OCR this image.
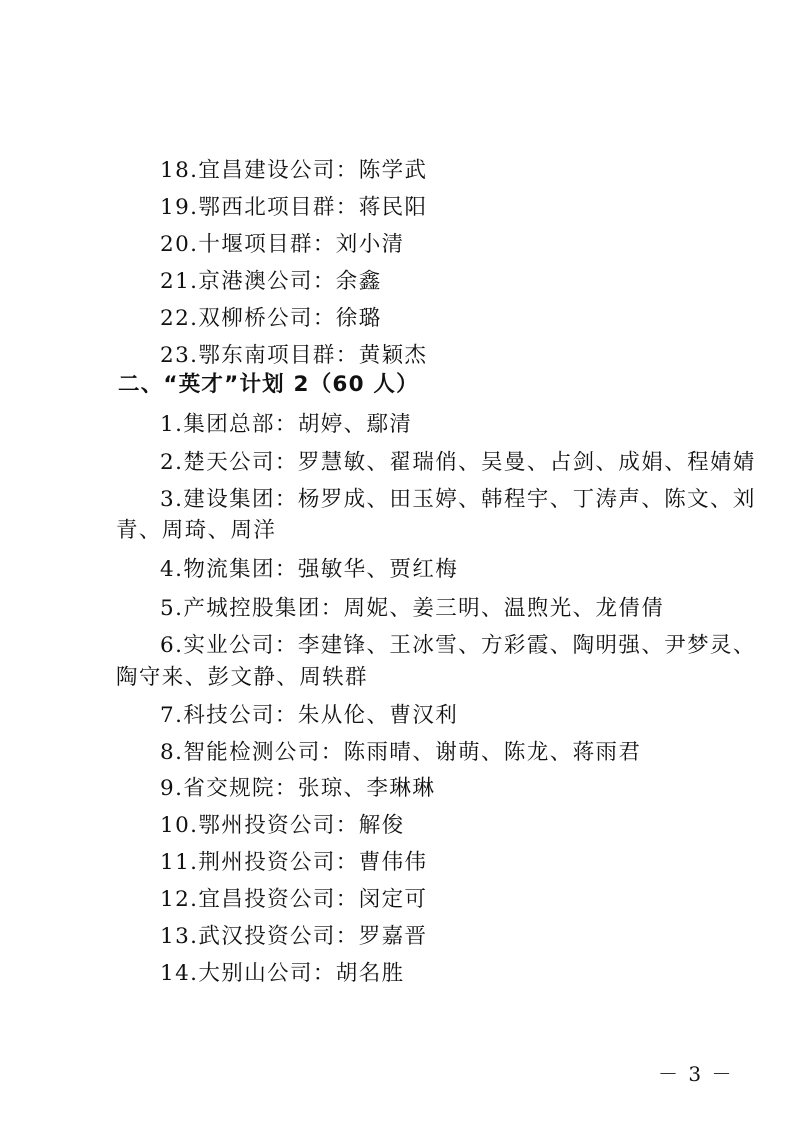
18.宜昌建设公司：陈学武
19.鄂西北项目群：蒋民阳
20.十堰项目群：刘小清
21.京港澳公司：余鑫
22.双柳桥公司：徐璐
23.鄂东南项目群：黄颖杰
二、“英才”计划 2（60 人）
1.集团总部：胡婷、鄢清
2.楚天公司：罗慧敏、翟瑞俏、吴曼、占剑、成娟、程婧婧
3.建设集团：杨罗成、田玉婷、韩程宇、丁涛声、陈文、刘
青、周琦、周洋
4.物流集团：强敏华、贾红梅
5.产城控股集团：周妮、姜三明、温煦光、龙倩倩
6.实业公司：李建锋、王冰雪、方彩霞、陶明强、尹梦灵、
陶守来、彭文静、周轶群
7.科技公司：朱从伦、曹汉利
8.智能检测公司：陈雨晴、谢萌、陈龙、蒋雨君
9.省交规院：张琼、李琳琳
10.鄂州投资公司：解俊
11.荆州投资公司：曹伟伟
12.宜昌投资公司：闵定可
13.武汉投资公司：罗嘉晋
14.大别山公司：胡名胜
－ 3 －
